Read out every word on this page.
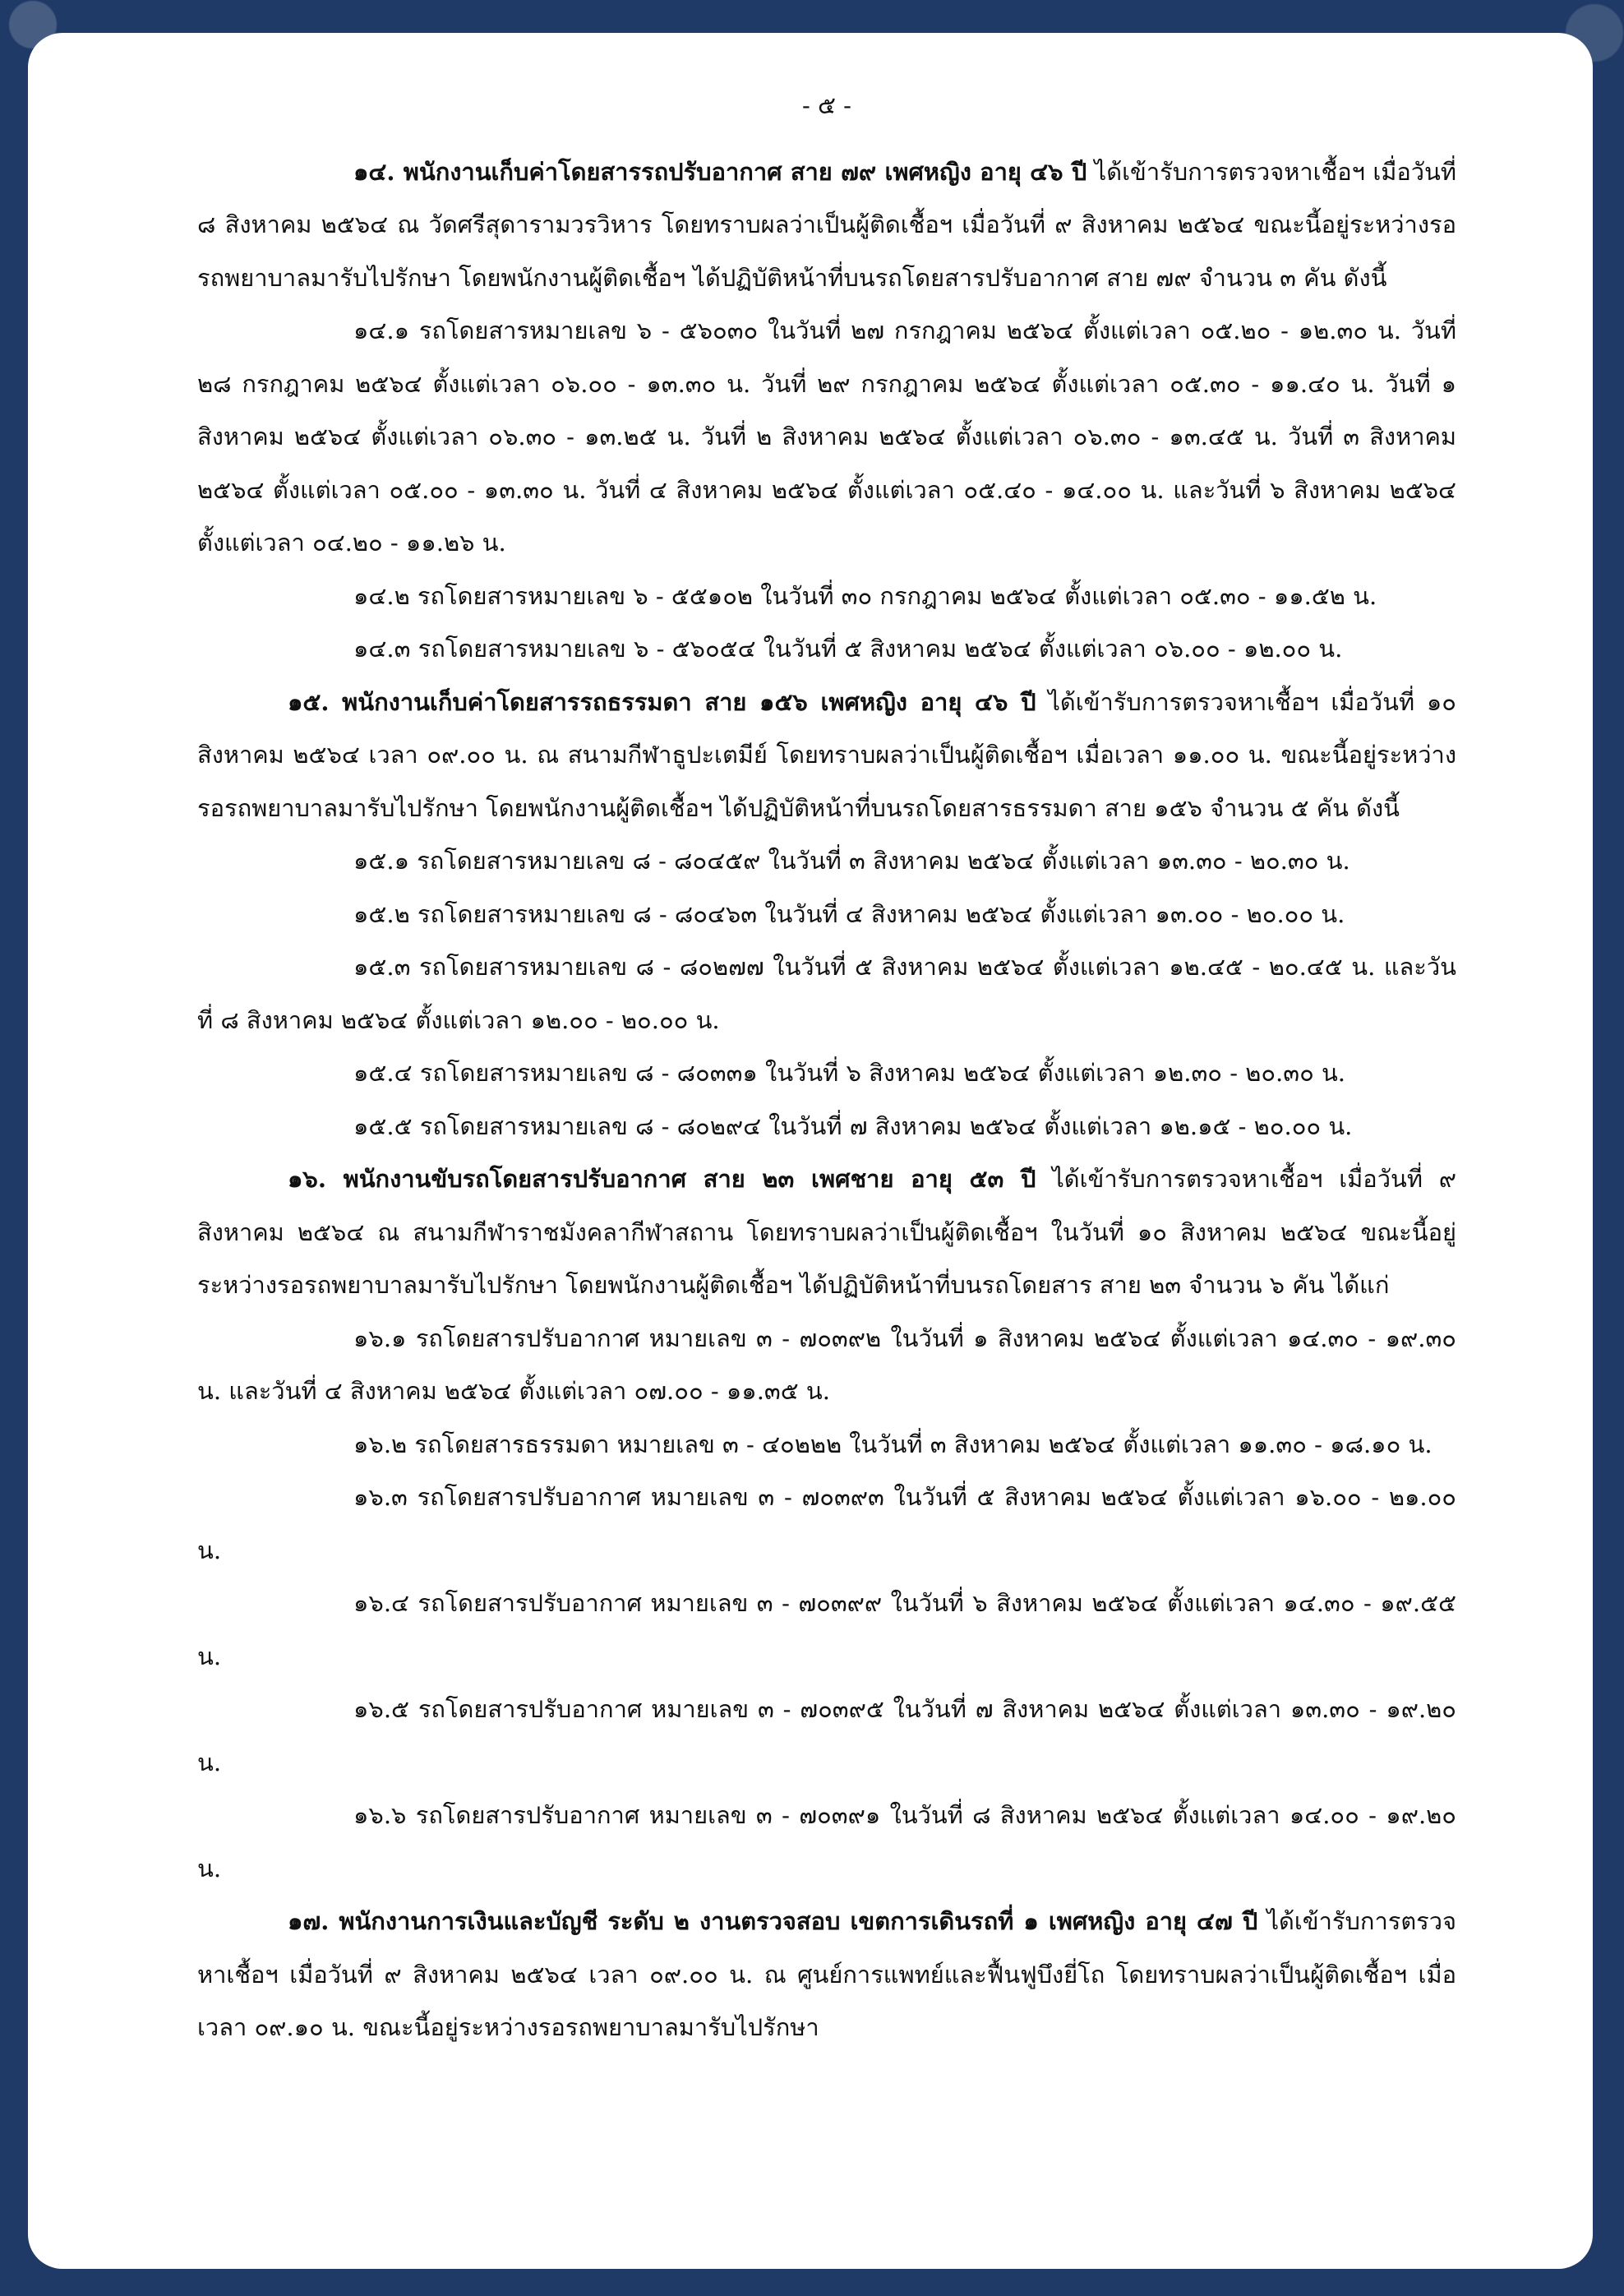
- ๕ -

๑๔. พนักงานเก็บค่าโดยสารรถปรับอากาศ สาย ๗๙ เพศหญิง อายุ ๔๖ ปี ได้เข้ารับการตรวจหาเชื้อฯ เมื่อวันที่ ๘ สิงหาคม ๒๕๖๔ ณ วัดศรีสุดารามวรวิหาร โดยทราบผลว่าเป็นผู้ติดเชื้อฯ เมื่อวันที่ ๙ สิงหาคม ๒๕๖๔ ขณะนี้อยู่ระหว่างรอรถพยาบาลมารับไปรักษา โดยพนักงานผู้ติดเชื้อฯ ได้ปฏิบัติหน้าที่บนรถโดยสารปรับอากาศ สาย ๗๙ จำนวน ๓ คัน ดังนี้

๑๔.๑ รถโดยสารหมายเลข ๖ - ๕๖๐๓๐ ในวันที่ ๒๗ กรกฎาคม ๒๕๖๔ ตั้งแต่เวลา ๐๕.๒๐ - ๑๒.๓๐ น. วันที่ ๒๘ กรกฎาคม ๒๕๖๔ ตั้งแต่เวลา ๐๖.๐๐ - ๑๓.๓๐ น. วันที่ ๒๙ กรกฎาคม ๒๕๖๔ ตั้งแต่เวลา ๐๕.๓๐ - ๑๑.๔๐ น. วันที่ ๑ สิงหาคม ๒๕๖๔ ตั้งแต่เวลา ๐๖.๓๐ - ๑๓.๒๕ น. วันที่ ๒ สิงหาคม ๒๕๖๔ ตั้งแต่เวลา ๐๖.๓๐ - ๑๓.๔๕ น. วันที่ ๓ สิงหาคม ๒๕๖๔ ตั้งแต่เวลา ๐๕.๐๐ - ๑๓.๓๐ น. วันที่ ๔ สิงหาคม ๒๕๖๔ ตั้งแต่เวลา ๐๕.๔๐ - ๑๔.๐๐ น. และวันที่ ๖ สิงหาคม ๒๕๖๔ ตั้งแต่เวลา ๐๔.๒๐ - ๑๑.๒๖ น.

๑๔.๒ รถโดยสารหมายเลข ๖ - ๕๕๑๐๒ ในวันที่ ๓๐ กรกฎาคม ๒๕๖๔ ตั้งแต่เวลา ๐๕.๓๐ - ๑๑.๕๒ น.

๑๔.๓ รถโดยสารหมายเลข ๖ - ๕๖๐๕๔ ในวันที่ ๕ สิงหาคม ๒๕๖๔ ตั้งแต่เวลา ๐๖.๐๐ - ๑๒.๐๐ น.

๑๕. พนักงานเก็บค่าโดยสารรถธรรมดา สาย ๑๕๖ เพศหญิง อายุ ๔๖ ปี ได้เข้ารับการตรวจหาเชื้อฯ เมื่อวันที่ ๑๐ สิงหาคม ๒๕๖๔ เวลา ๐๙.๐๐ น. ณ สนามกีฬาธูปะเตมีย์ โดยทราบผลว่าเป็นผู้ติดเชื้อฯ เมื่อเวลา ๑๑.๐๐ น. ขณะนี้อยู่ระหว่างรอรถพยาบาลมารับไปรักษา โดยพนักงานผู้ติดเชื้อฯ ได้ปฏิบัติหน้าที่บนรถโดยสารธรรมดา สาย ๑๕๖ จำนวน ๕ คัน ดังนี้

๑๕.๑ รถโดยสารหมายเลข ๘ - ๘๐๔๕๙ ในวันที่ ๓ สิงหาคม ๒๕๖๔ ตั้งแต่เวลา ๑๓.๓๐ - ๒๐.๓๐ น.

๑๕.๒ รถโดยสารหมายเลข ๘ - ๘๐๔๖๓ ในวันที่ ๔ สิงหาคม ๒๕๖๔ ตั้งแต่เวลา ๑๓.๐๐ - ๒๐.๐๐ น.

๑๕.๓ รถโดยสารหมายเลข ๘ - ๘๐๒๗๗ ในวันที่ ๕ สิงหาคม ๒๕๖๔ ตั้งแต่เวลา ๑๒.๔๕ - ๒๐.๔๕ น. และวันที่ ๘ สิงหาคม ๒๕๖๔ ตั้งแต่เวลา ๑๒.๐๐ - ๒๐.๐๐ น.

๑๕.๔ รถโดยสารหมายเลข ๘ - ๘๐๓๓๑ ในวันที่ ๖ สิงหาคม ๒๕๖๔ ตั้งแต่เวลา ๑๒.๓๐ - ๒๐.๓๐ น.

๑๕.๕ รถโดยสารหมายเลข ๘ - ๘๐๒๙๔ ในวันที่ ๗ สิงหาคม ๒๕๖๔ ตั้งแต่เวลา ๑๒.๑๕ - ๒๐.๐๐ น.

๑๖. พนักงานขับรถโดยสารปรับอากาศ สาย ๒๓ เพศชาย อายุ ๕๓ ปี ได้เข้ารับการตรวจหาเชื้อฯ เมื่อวันที่ ๙ สิงหาคม ๒๕๖๔ ณ สนามกีฬาราชมังคลากีฬาสถาน โดยทราบผลว่าเป็นผู้ติดเชื้อฯ ในวันที่ ๑๐ สิงหาคม ๒๕๖๔ ขณะนี้อยู่ระหว่างรอรถพยาบาลมารับไปรักษา โดยพนักงานผู้ติดเชื้อฯ ได้ปฏิบัติหน้าที่บนรถโดยสาร สาย ๒๓ จำนวน ๖ คัน ได้แก่

๑๖.๑ รถโดยสารปรับอากาศ หมายเลข ๓ - ๗๐๓๙๒ ในวันที่ ๑ สิงหาคม ๒๕๖๔ ตั้งแต่เวลา ๑๔.๓๐ - ๑๙.๓๐ น. และวันที่ ๔ สิงหาคม ๒๕๖๔ ตั้งแต่เวลา ๐๗.๐๐ - ๑๑.๓๕ น.

๑๖.๒ รถโดยสารธรรมดา หมายเลข ๓ - ๔๐๒๒๒ ในวันที่ ๓ สิงหาคม ๒๕๖๔ ตั้งแต่เวลา ๑๑.๓๐ - ๑๘.๑๐ น.

๑๖.๓ รถโดยสารปรับอากาศ หมายเลข ๓ - ๗๐๓๙๓ ในวันที่ ๕ สิงหาคม ๒๕๖๔ ตั้งแต่เวลา ๑๖.๐๐ - ๒๑.๐๐ น.

๑๖.๔ รถโดยสารปรับอากาศ หมายเลข ๓ - ๗๐๓๙๙ ในวันที่ ๖ สิงหาคม ๒๕๖๔ ตั้งแต่เวลา ๑๔.๓๐ - ๑๙.๕๕ น.

๑๖.๕ รถโดยสารปรับอากาศ หมายเลข ๓ - ๗๐๓๙๕ ในวันที่ ๗ สิงหาคม ๒๕๖๔ ตั้งแต่เวลา ๑๓.๓๐ - ๑๙.๒๐ น.

๑๖.๖ รถโดยสารปรับอากาศ หมายเลข ๓ - ๗๐๓๙๑ ในวันที่ ๘ สิงหาคม ๒๕๖๔ ตั้งแต่เวลา ๑๔.๐๐ - ๑๙.๒๐ น.

๑๗. พนักงานการเงินและบัญชี ระดับ ๒ งานตรวจสอบ เขตการเดินรถที่ ๑ เพศหญิง อายุ ๔๗ ปี ได้เข้ารับการตรวจหาเชื้อฯ เมื่อวันที่ ๙ สิงหาคม ๒๕๖๔ เวลา ๐๙.๐๐ น. ณ ศูนย์การแพทย์และฟื้นฟูบึงยี่โถ โดยทราบผลว่าเป็นผู้ติดเชื้อฯ เมื่อเวลา ๐๙.๑๐ น. ขณะนี้อยู่ระหว่างรอรถพยาบาลมารับไปรักษา
